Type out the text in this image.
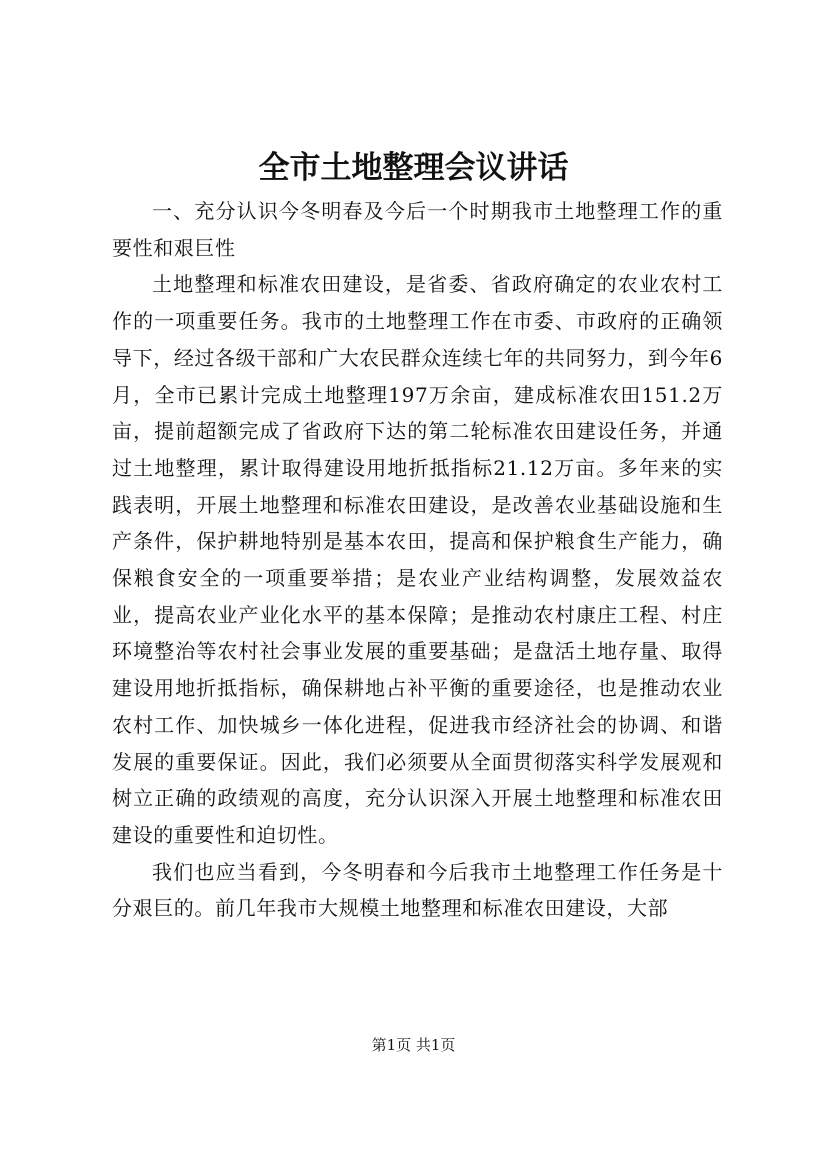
全市土地整理会议讲话

一、充分认识今冬明春及今后一个时期我市土地整理工作的重要性和艰巨性

土地整理和标准农田建设，是省委、省政府确定的农业农村工作的一项重要任务。我市的土地整理工作在市委、市政府的正确领导下，经过各级干部和广大农民群众连续七年的共同努力，到今年6月，全市已累计完成土地整理197万余亩，建成标准农田151.2万亩，提前超额完成了省政府下达的第二轮标准农田建设任务，并通过土地整理，累计取得建设用地折抵指标21.12万亩。多年来的实践表明，开展土地整理和标准农田建设，是改善农业基础设施和生产条件，保护耕地特别是基本农田，提高和保护粮食生产能力，确保粮食安全的一项重要举措；是农业产业结构调整，发展效益农业，提高农业产业化水平的基本保障；是推动农村康庄工程、村庄环境整治等农村社会事业发展的重要基础；是盘活土地存量、取得建设用地折抵指标，确保耕地占补平衡的重要途径，也是推动农业农村工作、加快城乡一体化进程，促进我市经济社会的协调、和谐发展的重要保证。因此，我们必须要从全面贯彻落实科学发展观和树立正确的政绩观的高度，充分认识深入开展土地整理和标准农田建设的重要性和迫切性。

我们也应当看到，今冬明春和今后我市土地整理工作任务是十分艰巨的。前几年我市大规模土地整理和标准农田建设，大部

第1页 共1页
